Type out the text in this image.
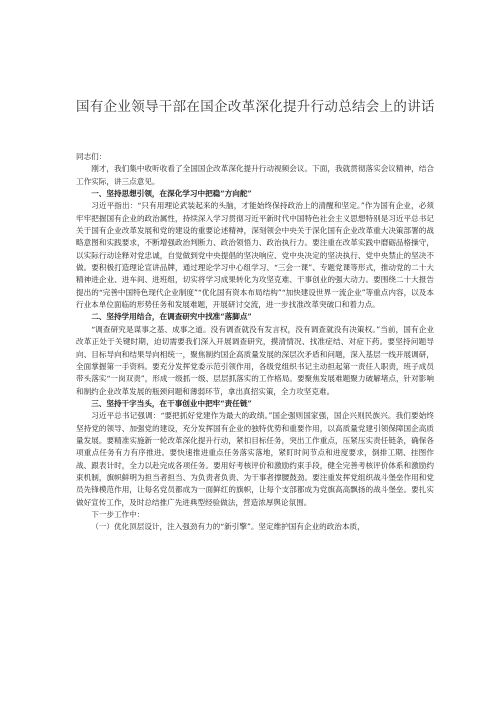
国有企业领导干部在国企改革深化提升行动总结会上的讲话

同志们：

刚才，我们集中收听收看了全国国企改革深化提升行动视频会议。下面，我就贯彻落实会议精神，结合工作实际，讲三点意见。

一、坚持思想引领，在深化学习中把稳“方向舵”

习近平指出：“只有用理论武装起来的头脑，才能始终保持政治上的清醒和坚定。”作为国有企业，必须牢牢把握国有企业的政治属性，持续深入学习贯彻习近平新时代中国特色社会主义思想特别是习近平总书记关于国有企业改革发展和党的建设的重要论述精神，深刻领会中央关于深化国有企业改革重大决策部署的战略意图和实践要求，不断增强政治判断力、政治领悟力、政治执行力。要注重在改革实践中磨砺品格操守，以实际行动诠释对党忠诚，自觉做到党中央提倡的坚决响应、党中央决定的坚决执行、党中央禁止的坚决不做。要积极打造理论宣讲品牌，通过理论学习中心组学习、“三会一课”、专题党课等形式，推动党的二十大精神进企业、进车间、进班组，切实将学习成果转化为攻坚克难、干事创业的强大动力。要围绕二十大报告提出的“完善中国特色现代企业制度”“优化国有资本布局结构”“加快建设世界一流企业”等重点内容，以及本行业本单位面临的形势任务和发展难题，开展研讨交流，进一步找准改革突破口和着力点。

二、坚持学用结合，在调查研究中找准“落脚点”

“调查研究是谋事之基、成事之道。没有调查就没有发言权，没有调查就没有决策权。”当前，国有企业改革正处于关键时期，迫切需要我们深入开展调查研究，摸清情况、找准症结、对症下药。要坚持问题导向、目标导向和结果导向相统一，聚焦制约国企高质量发展的深层次矛盾和问题，深入基层一线开展调研，全面掌握第一手资料。要充分发挥党委示范引领作用，各级党组织书记主动担起第一责任人职责，班子成员带头落实“一岗双责”，形成一级抓一级、层层抓落实的工作格局。要聚焦发展难题聚力破解堵点，针对影响和制约企业改革发展的瓶颈问题和薄弱环节，拿出真招实策，全力攻坚克难。

三、坚持干字当头，在干事创业中把牢“责任链”

习近平总书记强调：“要把抓好党建作为最大的政绩。”国企强则国家强，国企兴则民族兴。我们要始终坚持党的领导、加强党的建设，充分发挥国有企业的独特优势和重要作用，以高质量党建引领保障国企高质量发展。要精准实施新一轮改革深化提升行动，紧扣目标任务，突出工作重点，压紧压实责任链条，确保各项重点任务有力有序推进。要快速推进重点任务落实落地，紧盯时间节点和进度要求，倒排工期、挂图作战、跟表计时，全力以赴完成各项任务。要用好考核评价和激励约束手段，健全完善考核评价体系和激励约束机制，旗帜鲜明为担当者担当、为负责者负责、为干事者撑腰鼓劲。要注重发挥党组织战斗堡垒作用和党员先锋模范作用，让每名党员都成为一面鲜红的旗帜，让每个支部都成为党旗高高飘扬的战斗堡垒。要扎实做好宣传工作，及时总结推广先进典型经验做法，营造浓厚舆论氛围。

下一步工作中：

（一）优化顶层设计，注入强劲有力的“新引擎”。坚定维护国有企业的政治本质，
